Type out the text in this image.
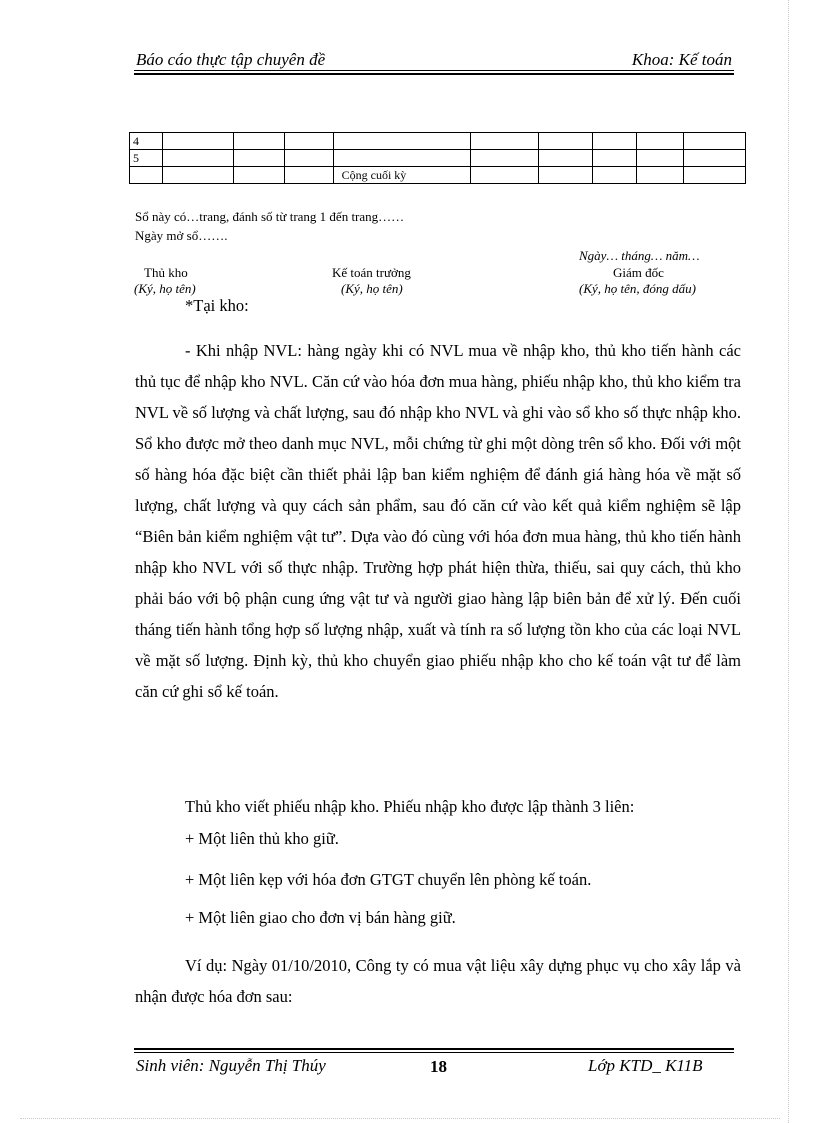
Báo cáo thực tập chuyên đề	Khoa: Kế toán
4									
5									
				Cộng cuối kỳ					
Sổ này có…trang, đánh số từ trang 1 đến trang……
Ngày mở sổ…….
Ngày… tháng… năm…
Thủ kho
(Ký, họ tên)
Kế toán trưởng
(Ký, họ tên)
Giám đốc
(Ký, họ tên, đóng dấu)
*Tại kho:
- Khi nhập NVL: hàng ngày khi có NVL mua về nhập kho, thủ kho tiến hành các thủ tục để nhập kho NVL. Căn cứ vào hóa đơn mua hàng, phiếu nhập kho, thủ kho kiểm tra NVL về số lượng và chất lượng, sau đó nhập kho NVL và ghi vào sổ kho số thực nhập kho. Sổ kho được mở theo danh mục NVL, mỗi chứng từ ghi một dòng trên sổ kho. Đối với một số hàng hóa đặc biệt cần thiết phải lập ban kiểm nghiệm để đánh giá hàng hóa về mặt số lượng, chất lượng và quy cách sản phẩm, sau đó căn cứ vào kết quả kiểm nghiệm sẽ lập “Biên bản kiểm nghiệm vật tư”. Dựa vào đó cùng với hóa đơn mua hàng, thủ kho tiến hành nhập kho NVL với số thực nhập. Trường hợp phát hiện thừa, thiếu, sai quy cách, thủ kho phải báo với bộ phận cung ứng vật tư và người giao hàng lập biên bản để xử lý. Đến cuối tháng tiến hành tổng hợp số lượng nhập, xuất và tính ra số lượng tồn kho của các loại NVL về mặt số lượng. Định kỳ, thủ kho chuyển giao phiếu nhập kho cho kế toán vật tư để làm căn cứ ghi sổ kế toán.
Thủ kho viết phiếu nhập kho. Phiếu nhập kho được lập thành 3 liên:
+ Một liên thủ kho giữ.
+ Một liên kẹp với hóa đơn GTGT chuyển lên phòng kế toán.
+ Một liên giao cho đơn vị bán hàng giữ.
Ví dụ: Ngày 01/10/2010, Công ty có mua vật liệu xây dựng phục vụ cho xây lắp và nhận được hóa đơn sau:
Sinh viên: Nguyễn Thị Thúy	18	Lớp KTD_ K11B
